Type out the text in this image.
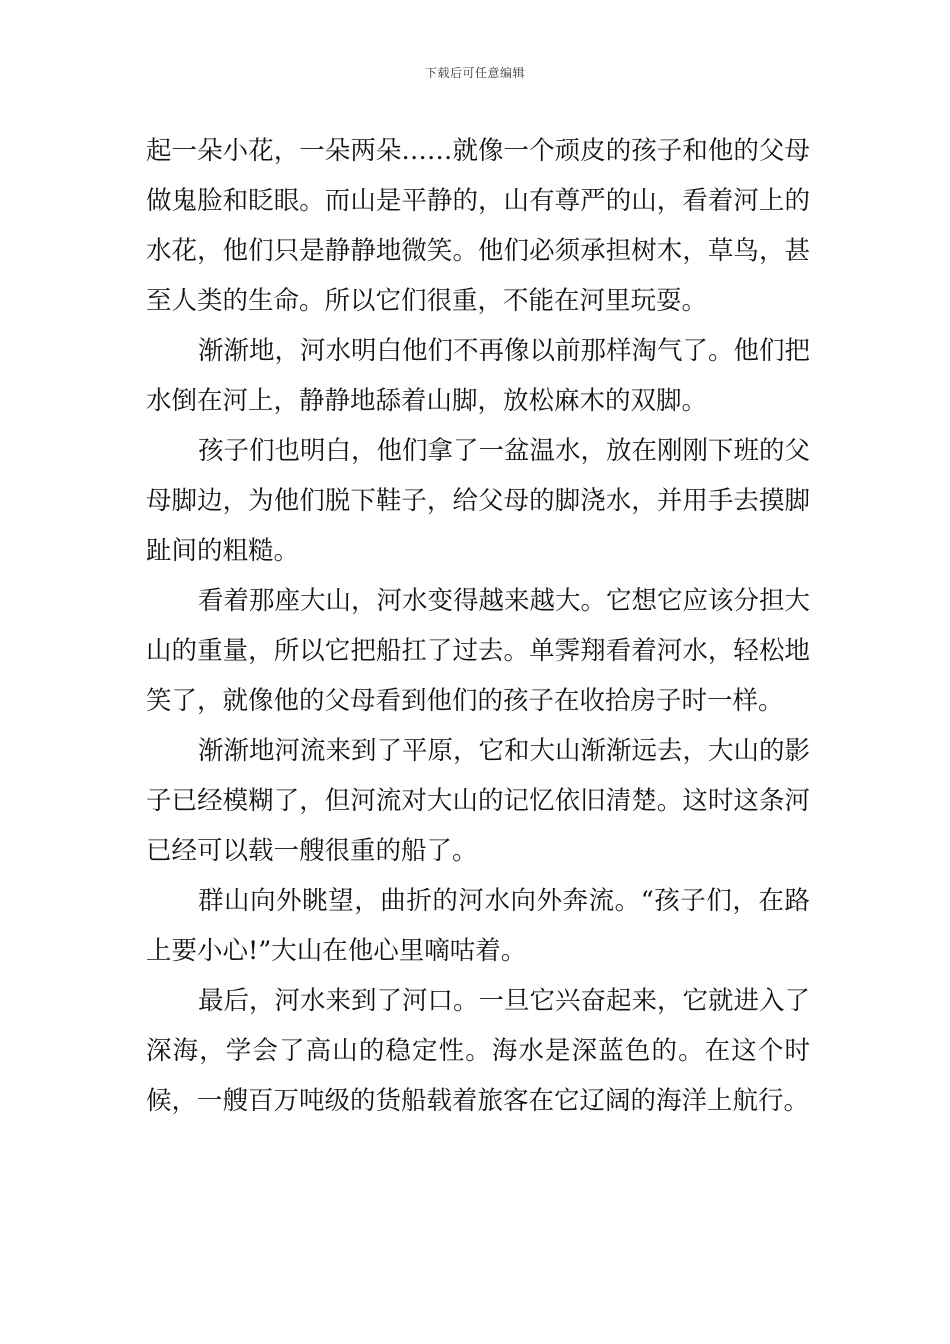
下载后可任意编辑

起一朵小花，一朵两朵……就像一个顽皮的孩子和他的父母做鬼脸和眨眼。而山是平静的，山有尊严的山，看着河上的水花，他们只是静静地微笑。他们必须承担树木，草鸟，甚至人类的生命。所以它们很重，不能在河里玩耍。

渐渐地，河水明白他们不再像以前那样淘气了。他们把水倒在河上，静静地舔着山脚，放松麻木的双脚。

孩子们也明白，他们拿了一盆温水，放在刚刚下班的父母脚边，为他们脱下鞋子，给父母的脚浇水，并用手去摸脚趾间的粗糙。

看着那座大山，河水变得越来越大。它想它应该分担大山的重量，所以它把船扛了过去。单霁翔看着河水，轻松地笑了，就像他的父母看到他们的孩子在收拾房子时一样。

渐渐地河流来到了平原，它和大山渐渐远去，大山的影子已经模糊了，但河流对大山的记忆依旧清楚。这时这条河已经可以载一艘很重的船了。

群山向外眺望，曲折的河水向外奔流。“孩子们，在路上要小心!”大山在他心里嘀咕着。

最后，河水来到了河口。一旦它兴奋起来，它就进入了深海，学会了高山的稳定性。海水是深蓝色的。在这个时候，一艘百万吨级的货船载着旅客在它辽阔的海洋上航行。
